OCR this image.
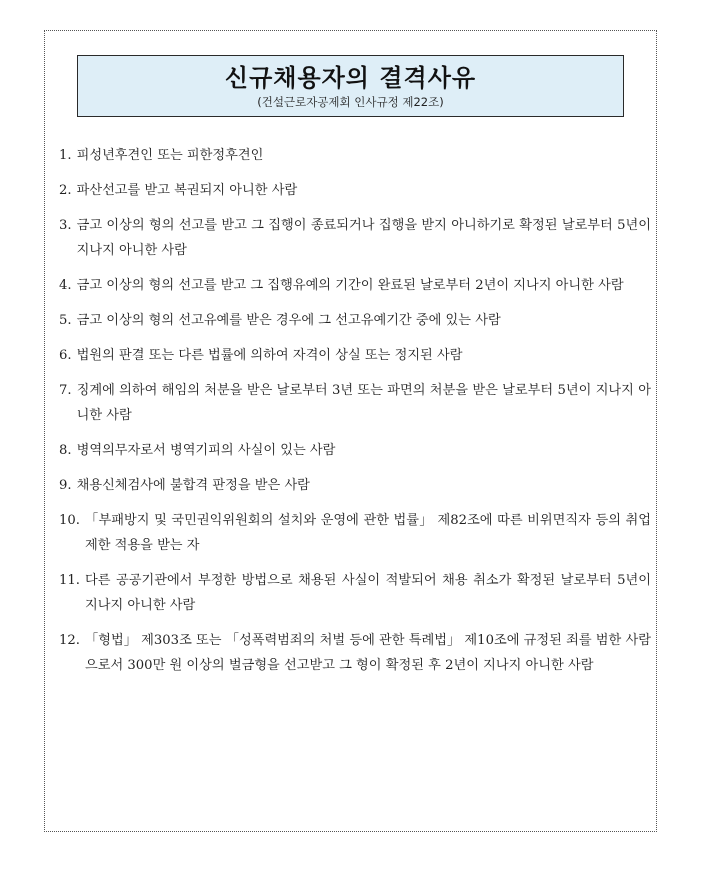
신규채용자의 결격사유
(건설근로자공제회 인사규정 제22조)
1. 피성년후견인 또는 피한정후견인
2. 파산선고를 받고 복권되지 아니한 사람
3. 금고 이상의 형의 선고를 받고 그 집행이 종료되거나 집행을 받지 아니하기로 확정된 날로부터 5년이 지나지 아니한 사람
4. 금고 이상의 형의 선고를 받고 그 집행유예의 기간이 완료된 날로부터 2년이 지나지 아니한 사람
5. 금고 이상의 형의 선고유예를 받은 경우에 그 선고유예기간 중에 있는 사람
6. 법원의 판결 또는 다른 법률에 의하여 자격이 상실 또는 정지된 사람
7. 징계에 의하여 해임의 처분을 받은 날로부터 3년 또는 파면의 처분을 받은 날로부터 5년이 지나지 아니한 사람
8. 병역의무자로서 병역기피의 사실이 있는 사람
9. 채용신체검사에 불합격 판정을 받은 사람
10. 「부패방지 및 국민권익위원회의 설치와 운영에 관한 법률」 제82조에 따른 비위면직자 등의 취업제한 적용을 받는 자
11. 다른 공공기관에서 부정한 방법으로 채용된 사실이 적발되어 채용 취소가 확정된 날로부터 5년이 지나지 아니한 사람
12. 「형법」 제303조 또는 「성폭력범죄의 처벌 등에 관한 특례법」 제10조에 규정된 죄를 범한 사람으로서 300만 원 이상의 벌금형을 선고받고 그 형이 확정된 후 2년이 지나지 아니한 사람
